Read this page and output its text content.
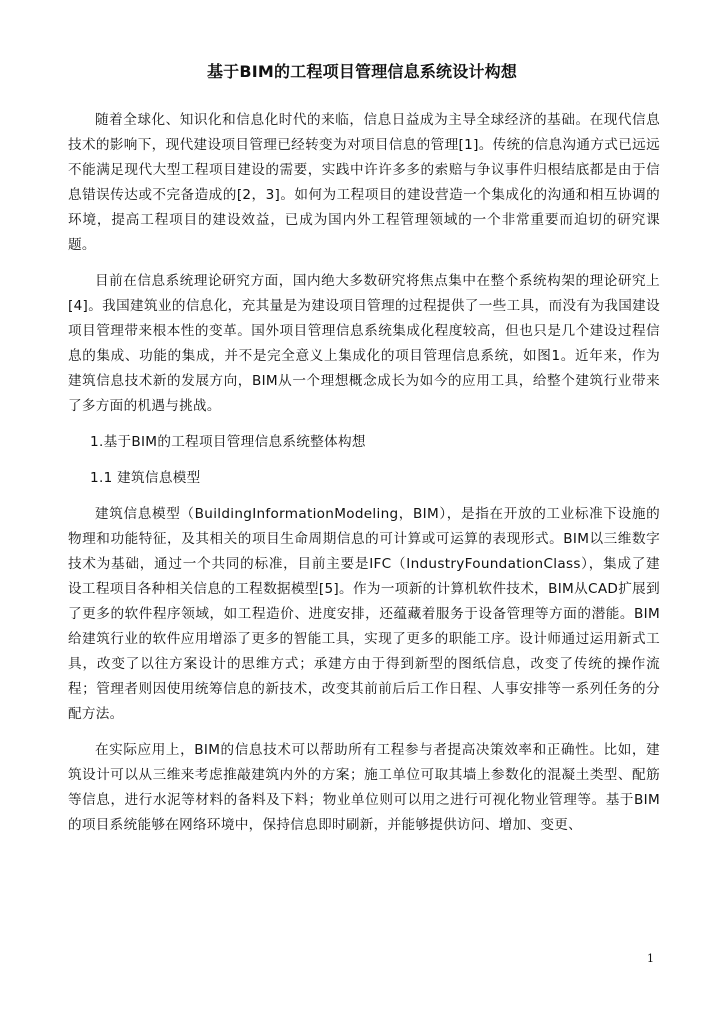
基于BIM的工程项目管理信息系统设计构想

随着全球化、知识化和信息化时代的来临，信息日益成为主导全球经济的基础。在现代信息技术的影响下，现代建设项目管理已经转变为对项目信息的管理[1]。传统的信息沟通方式已远远不能满足现代大型工程项目建设的需要，实践中许许多多的索赔与争议事件归根结底都是由于信息错误传达或不完备造成的[2，3]。如何为工程项目的建设营造一个集成化的沟通和相互协调的环境，提高工程项目的建设效益，已成为国内外工程管理领域的一个非常重要而迫切的研究课题。

目前在信息系统理论研究方面，国内绝大多数研究将焦点集中在整个系统构架的理论研究上[4]。我国建筑业的信息化，充其量是为建设项目管理的过程提供了一些工具，而没有为我国建设项目管理带来根本性的变革。国外项目管理信息系统集成化程度较高，但也只是几个建设过程信息的集成、功能的集成，并不是完全意义上集成化的项目管理信息系统，如图1。近年来，作为建筑信息技术新的发展方向，BIM从一个理想概念成长为如今的应用工具，给整个建筑行业带来了多方面的机遇与挑战。

1.基于BIM的工程项目管理信息系统整体构想

1.1 建筑信息模型

建筑信息模型（BuildingInformationModeling，BIM），是指在开放的工业标准下设施的物理和功能特征，及其相关的项目生命周期信息的可计算或可运算的表现形式。BIM以三维数字技术为基础，通过一个共同的标准，目前主要是IFC（IndustryFoundationClass），集成了建设工程项目各种相关信息的工程数据模型[5]。作为一项新的计算机软件技术，BIM从CAD扩展到了更多的软件程序领域，如工程造价、进度安排，还蕴藏着服务于设备管理等方面的潜能。BIM给建筑行业的软件应用增添了更多的智能工具，实现了更多的职能工序。设计师通过运用新式工具，改变了以往方案设计的思维方式；承建方由于得到新型的图纸信息，改变了传统的操作流程；管理者则因使用统筹信息的新技术，改变其前前后后工作日程、人事安排等一系列任务的分配方法。

在实际应用上，BIM的信息技术可以帮助所有工程参与者提高决策效率和正确性。比如，建筑设计可以从三维来考虑推敲建筑内外的方案；施工单位可取其墙上参数化的混凝土类型、配筋等信息，进行水泥等材料的备料及下料；物业单位则可以用之进行可视化物业管理等。基于BIM的项目系统能够在网络环境中，保持信息即时刷新，并能够提供访问、增加、变更、

1
